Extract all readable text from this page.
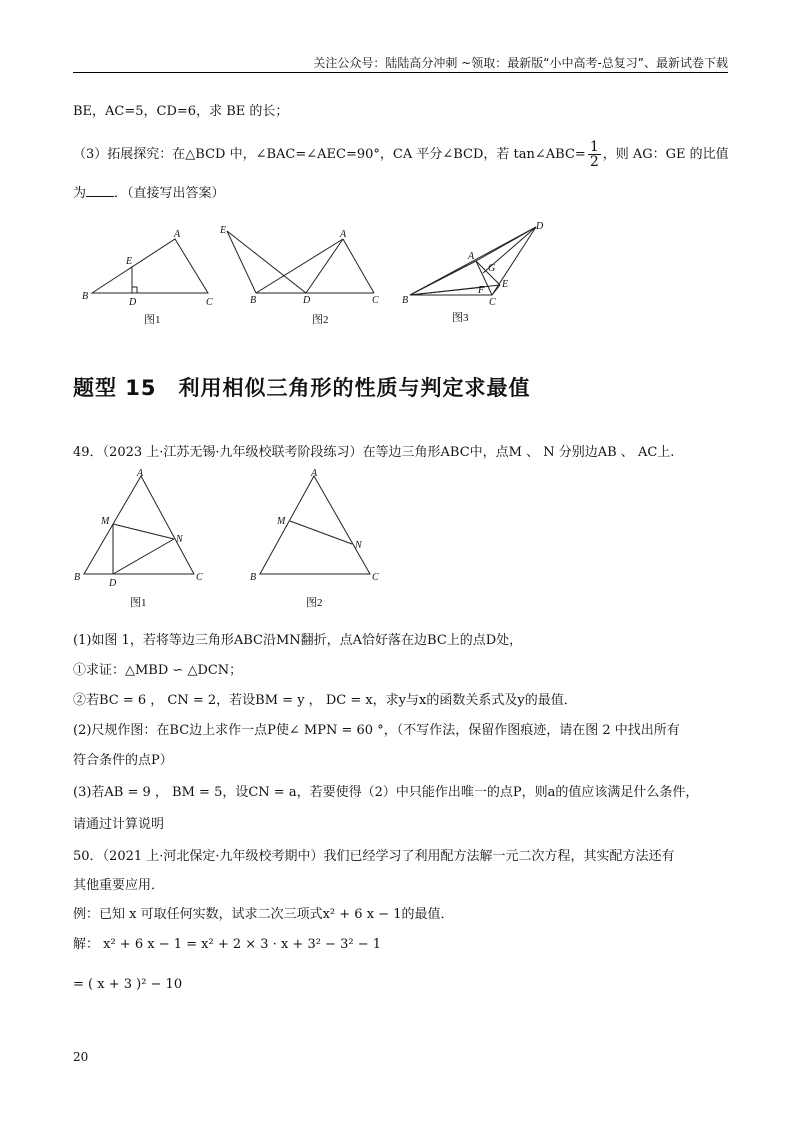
关注公众号：陆陆高分冲刺 ~领取：最新版“小中高考-总复习”、最新试卷下载
BE，AC=5，CD=6，求 BE 的长；
（3）拓展探究：在△BCD 中，∠BAC=∠AEC=90°，CA 平分∠BCD，若 tan∠ABC= $\frac{1}{2}$ ，则 AG：GE 的比值
为 ．（直接写出答案）
A
B
C
D
E
图1
E	A
B	D	C
图2
D
A
G
E
F
B	C
图3
题型 15　利用相似三角形的性质与判定求最值
49．（2023 上·江苏无锡·九年级校联考阶段练习）在等边三角形ABC中，点M 、 N 分别边AB 、 AC上.
A
M
N
B
D
C
图1
A
M
N
B	C
图2
(1)如图 1，若将等边三角形ABC沿MN翻折，点A恰好落在边BC上的点D处，
①求证：△MBD ∽ △DCN；
②若BC = 6 ， CN = 2，若设BM = y ， DC = x，求y与x的函数关系式及y的最值．
(2)尺规作图：在BC边上求作一点P使∠ MPN = 60 °，（不写作法，保留作图痕迹，请在图 2 中找出所有
符合条件的点P）
(3)若AB = 9 ， BM = 5，设CN = a，若要使得（2）中只能作出唯一的点P，则a的值应该满足什么条件，
请通过计算说明
50．（2021 上·河北保定·九年级校考期中）我们已经学习了利用配方法解一元二次方程，其实配方法还有
其他重要应用．
例：已知 x 可取任何实数，试求二次三项式x² + 6 x − 1的最值．
解： x² + 6 x − 1 = x² + 2 × 3 · x + 3² − 3² − 1
= ( x + 3 )² − 10
20
